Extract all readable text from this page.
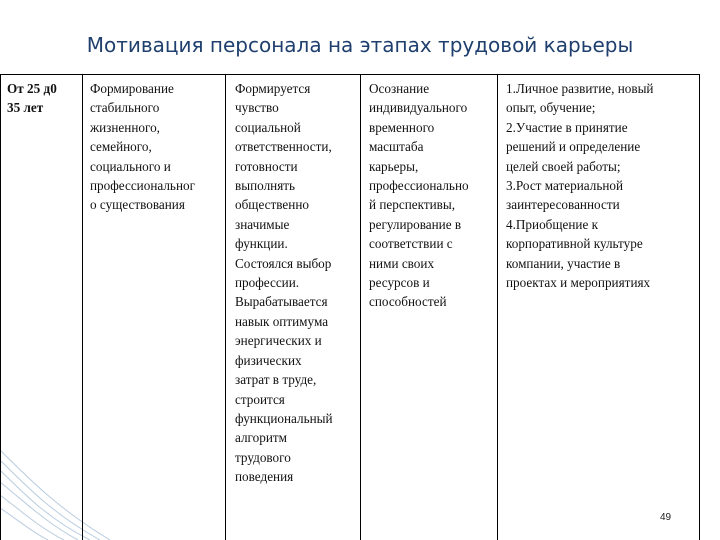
Мотивация персонала на этапах трудовой карьеры
От 25 д0
35 лет
Формирование
стабильного
жизненного,
семейного,
социального и
профессиональног
о существования
Формируется
чувство
социальной
ответственности,
готовности
выполнять
общественно
значимые
функции.
Состоялся выбор
профессии.
Вырабатывается
навык оптимума
энергических и
физических
затрат в труде,
строится
функциональный
алгоритм
трудового
поведения
Осознание
индивидуального
временного
масштаба
карьеры,
профессионально
й перспективы,
регулирование в
соответствии с
ними своих
ресурсов и
способностей
1.Личное развитие, новый
опыт, обучение;
2.Участие в принятие
решений и определение
целей своей работы;
3.Рост материальной
заинтересованности
4.Приобщение к
корпоративной культуре
компании, участие в
проектах и мероприятиях
49
